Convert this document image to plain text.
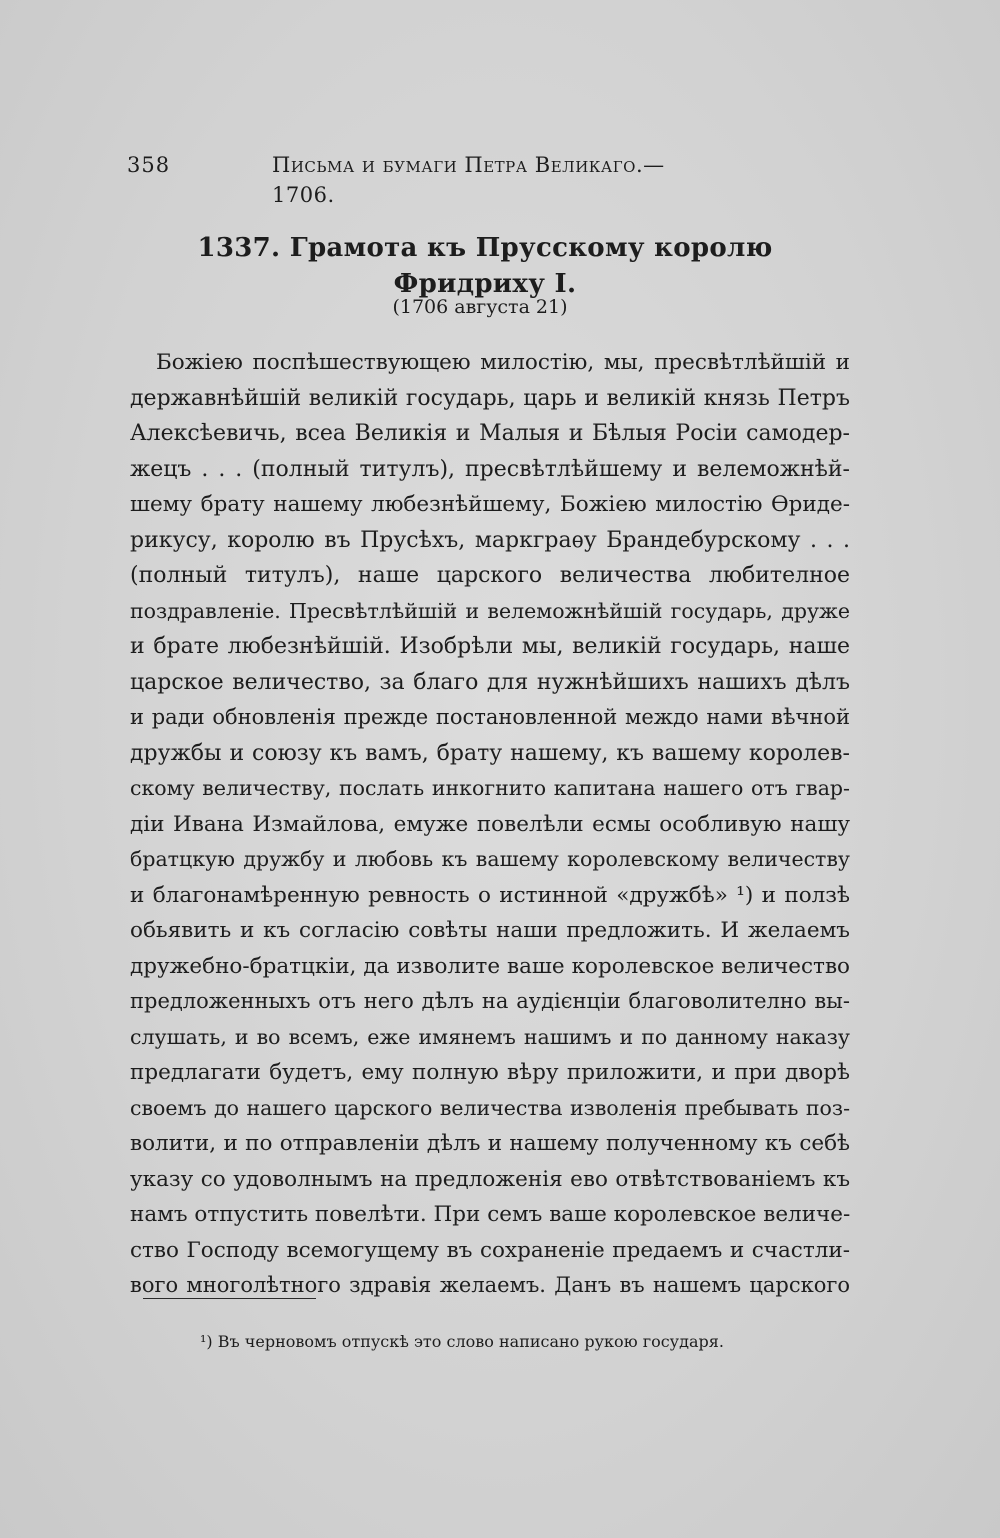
358	Письма и бумаги Петра Великаго.—1706.
1337. Грамота къ Прусскому королю Фридриху I.
(1706 августа 21)
Божіею поспѣшествующею милостію, мы, пресвѣтлѣйшій и
державнѣйшій великій государь, царь и великій князь Петръ
Алексѣевичь, всеа Великія и Малыя и Бѣлыя Росіи самодер-
жецъ . . . (полный титулъ), пресвѣтлѣйшему и велеможнѣй-
шему брату нашему любезнѣйшему, Божіею милостію Ѳриде-
рикусу, королю въ Прусѣхъ, маркграѳу Брандебурскому . . .
(полный титулъ), наше царского величества любителное
поздравленіе. Пресвѣтлѣйшій и велеможнѣйшій государь, друже
и брате любезнѣйшій. Изобрѣли мы, великій государь, наше
царское величество, за благо для нужнѣйшихъ нашихъ дѣлъ
и ради обновленія прежде постановленной междо нами вѣчной
дружбы и союзу къ вамъ, брату нашему, къ вашему королев-
скому величеству, послать инкогнито капитана нашего отъ гвар-
діи Ивана Измайлова, емуже повелѣли есмы особливую нашу
братцкую дружбу и любовь къ вашему королевскому величеству
и благонамѣренную ревность о истинной «дружбѣ» ¹) и ползѣ
обьявить и къ согласію совѣты наши предложить. И желаемъ
дружебно-братцкіи, да изволите ваше королевское величество
предложенныхъ отъ него дѣлъ на аудієнціи благоволително вы-
слушать, и во всемъ, еже имянемъ нашимъ и по данному наказу
предлагати будетъ, ему полную вѣру приложити, и при дворѣ
своемъ до нашего царского величества изволенія пребывать поз-
волити, и по отправленіи дѣлъ и нашему полученному къ себѣ
указу со удоволнымъ на предложенія ево отвѣтствованіемъ къ
намъ отпустить повелѣти. При семъ ваше королевское величе-
ство Господу всемогущему въ сохраненіе предаемъ и счастли-
вого многолѣтного здравія желаемъ. Данъ въ нашемъ царского
¹) Въ черновомъ отпускѣ это слово написано рукою государя.
